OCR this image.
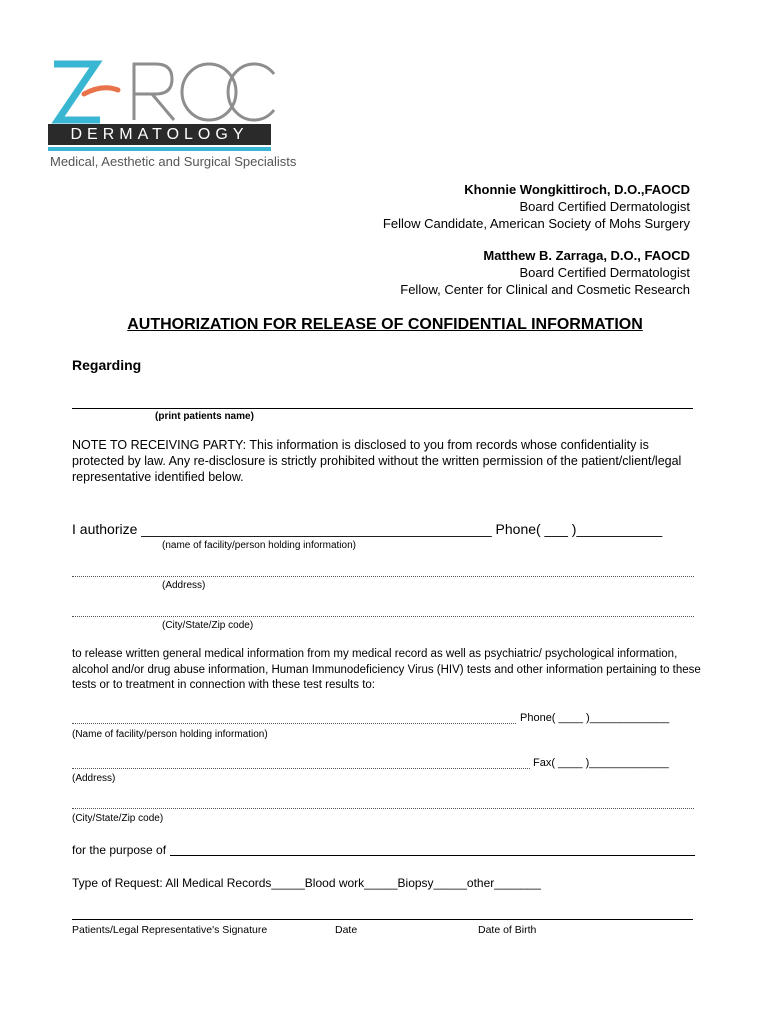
DERMATOLOGY
Medical, Aesthetic and Surgical Specialists
Khonnie Wongkittiroch, D.O.,FAOCD
Board Certified Dermatologist
Fellow Candidate, American Society of Mohs Surgery
Matthew B. Zarraga, D.O., FAOCD
Board Certified Dermatologist
Fellow, Center for Clinical and Cosmetic Research
AUTHORIZATION FOR RELEASE OF CONFIDENTIAL INFORMATION
Regarding
(print patients name)
NOTE TO RECEIVING PARTY: This information is disclosed to you from records whose confidentiality is protected by law. Any re-disclosure is strictly prohibited without the written permission of the patient/client/legal representative identified below.
I authorize _____________________________________________ Phone( ___ )___________
(name of facility/person holding information)
(Address)
(City/State/Zip code)
to release written general medical information from my medical record as well as psychiatric/ psychological information, alcohol and/or drug abuse information, Human Immunodeficiency Virus (HIV) tests and other information pertaining to these tests or to treatment in connection with these test results to:
Phone( ____ )_____________
(Name of facility/person holding information)
Fax( ____ )_____________
(Address)
(City/State/Zip code)
for the purpose of
Type of Request: All Medical Records_____Blood work_____Biopsy_____other_______
Patients/Legal Representative's Signature	Date	Date of Birth
